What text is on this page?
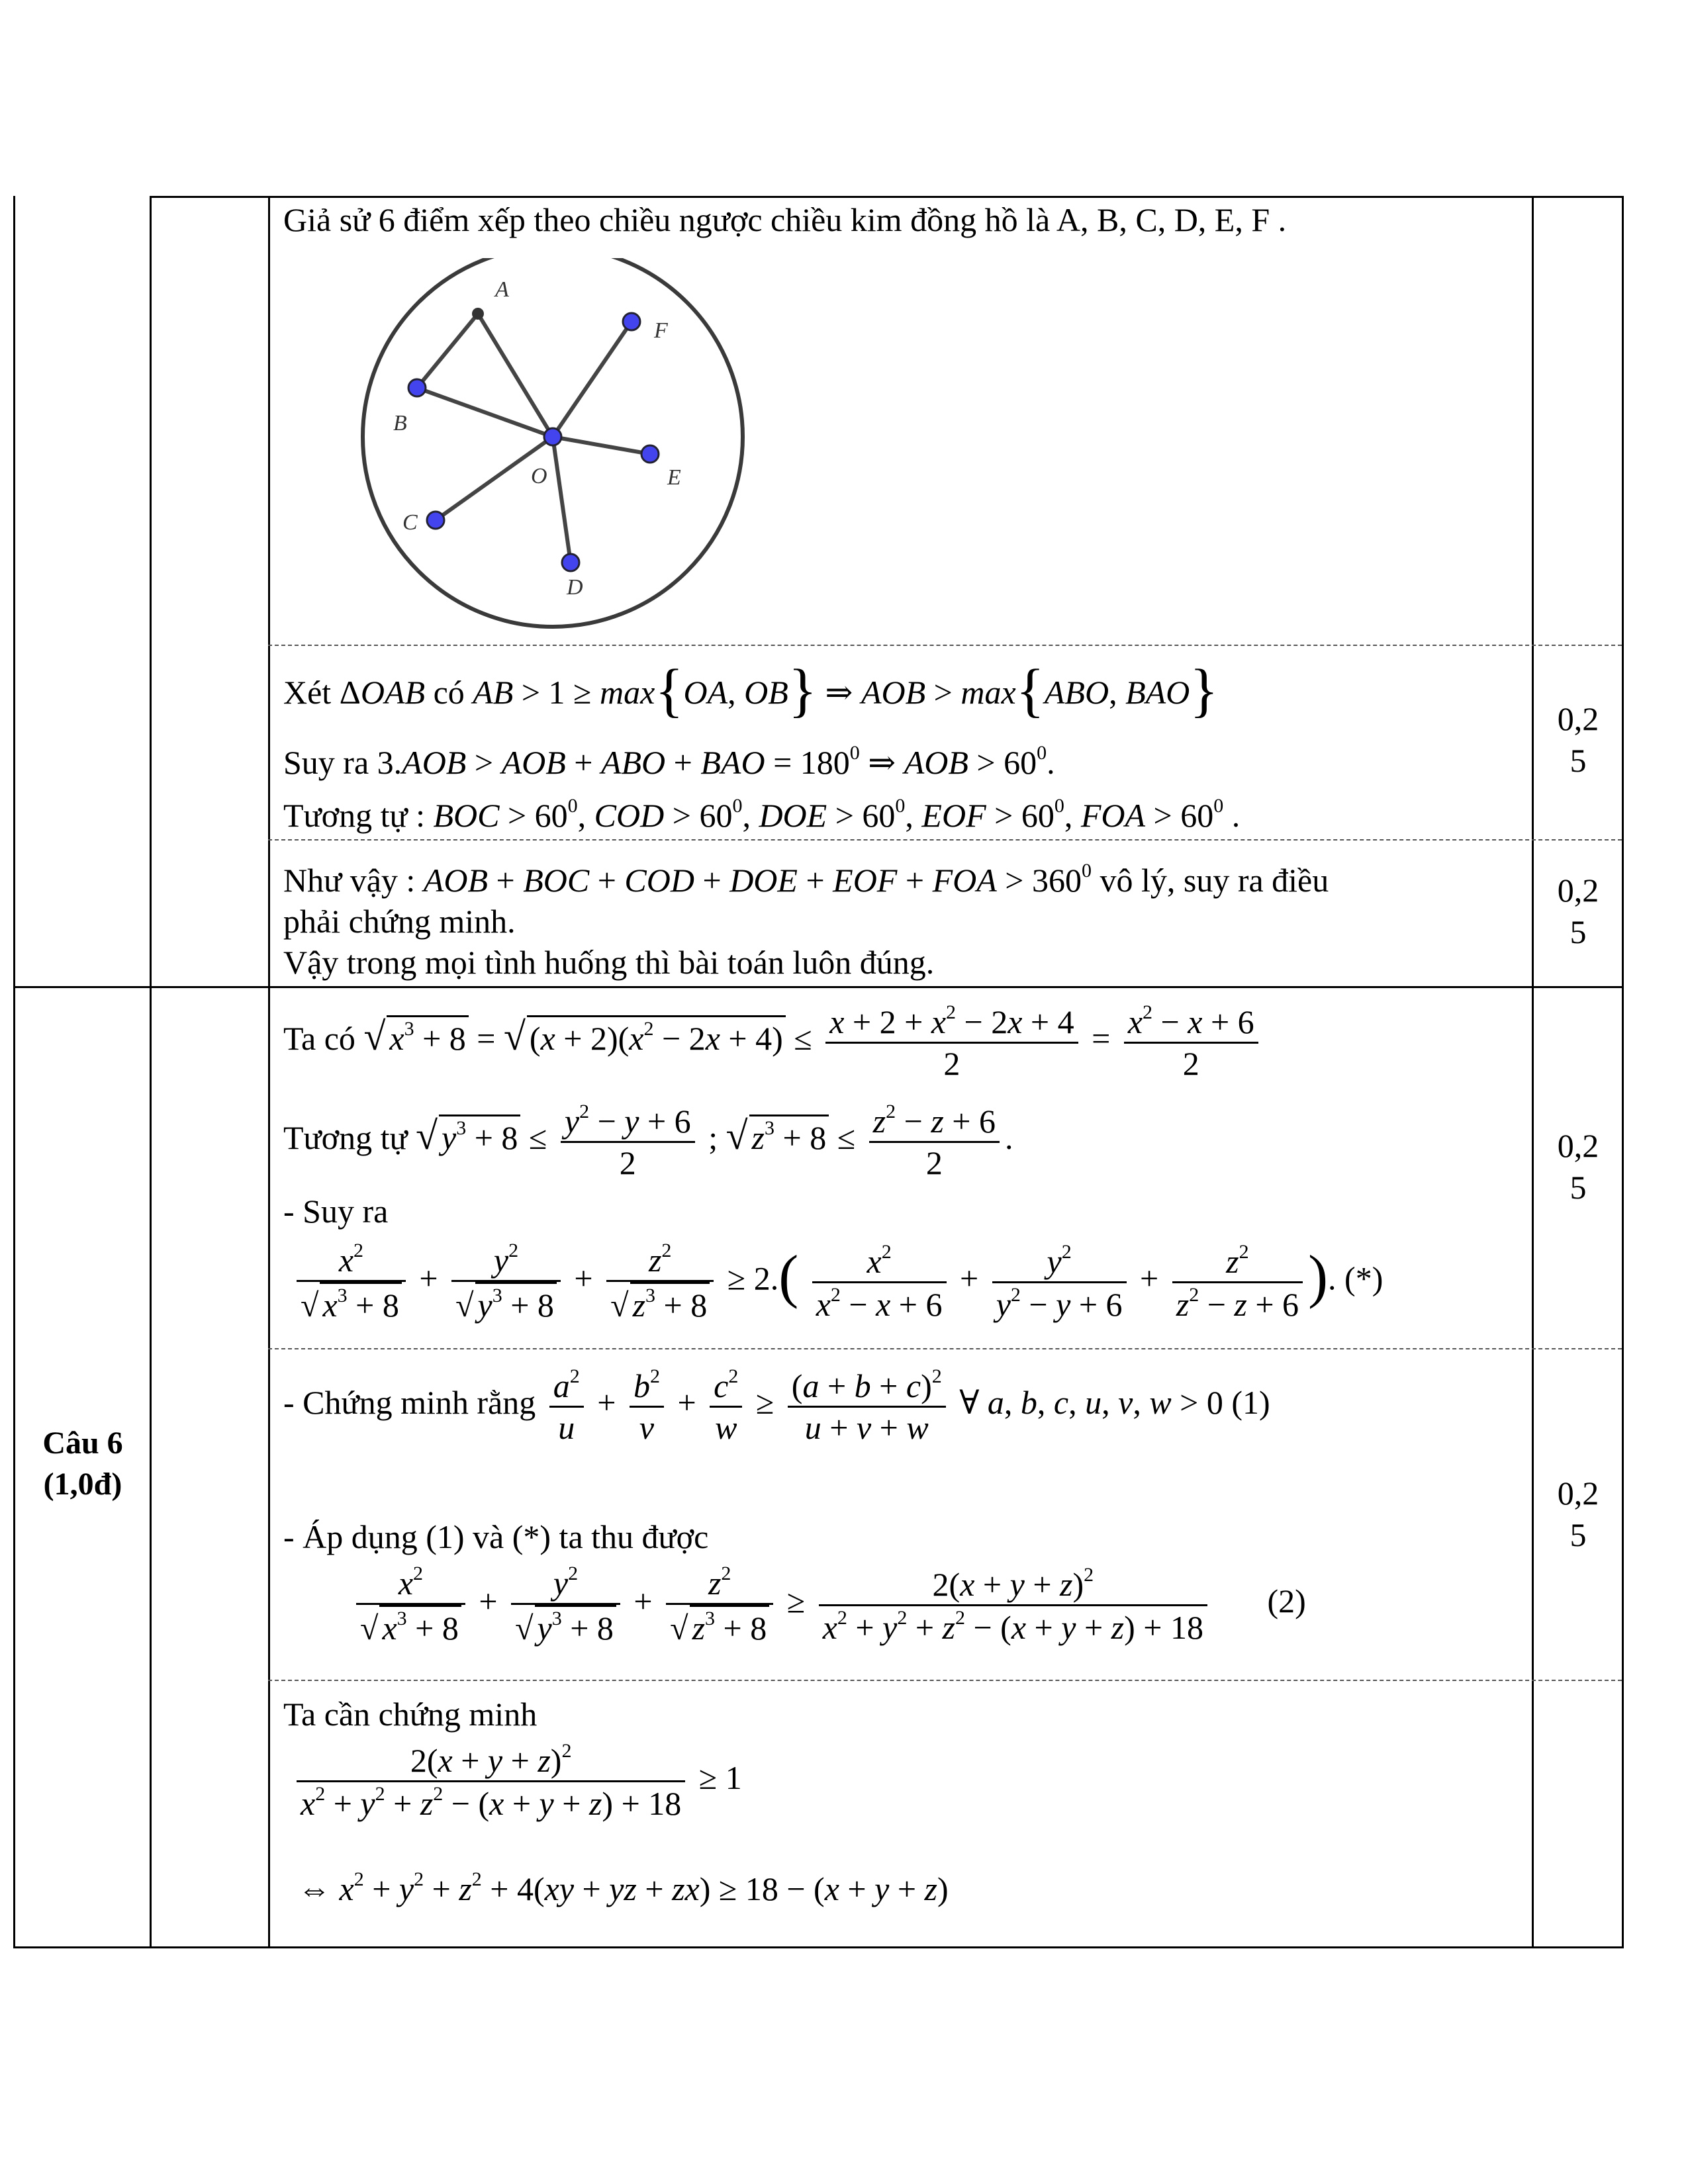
Giả sử 6 điểm xếp theo chiều ngược chiều kim đồng hồ là A, B, C, D, E, F .
A
F
B
O	E
C
D
Xét ΔOAB có AB > 1 ≥ max{OA, OB} ⇒ AOB > max{ABO, BAO}
Suy ra 3.AOB > AOB + ABO + BAO = $180^0$ ⇒ AOB > $60^0$.
Tương tự : BOC > $60^0$, COD > $60^0$, DOE > $60^0$, EOF > $60^0$, FOA > $60^0$ .
Như vậy : AOB + BOC + COD + DOE + EOF + FOA > $360^0$ vô lý, suy ra điều
phải chứng minh.
Vậy trong mọi tình huống thì bài toán luôn đúng.
Ta có √ $x^3 + 8$ = √ $(x + 2)(x^2 - 2x + 4) \le \frac{x + 2 + x^2 - 2x + 4}{2} = \frac{x^2 - x + 6}{2}$
Tương tự √ $y^3 + 8 \le \frac{y^2 - y + 6}{2}$ ; √ $z^3 + 8 \le \frac{z^2 - z + 6}{2}$ .
- Suy ra
$\frac{x^2}{√ x^3 + 8} + \frac{y^2}{√ y^3 + 8} + \frac{z^2}{√ z^3 + 8} \ge 2.( \frac{x^2}{x^2 - x + 6} + \frac{y^2}{y^2 - y + 6} + \frac{z^2}{z^2 - z + 6}$ ). (*)
- Chứng minh rằng $\frac{a^2}{u} + \frac{b^2}{v} + \frac{c^2}{w} \ge \frac{(a + b + c)^2}{u + v + w}$ ∀ a, b, c, u, v, w > 0 (1)
- Áp dụng (1) và (*) ta thu được
$\frac{x^2}{√ x^3 + 8} + \frac{y^2}{√ y^3 + 8} + \frac{z^2}{√ z^3 + 8} \ge \frac{2(x + y + z)^2}{x^2 + y^2 + z^2 - (x + y + z) + 18} (2)$
Ta cần chứng minh
$\frac{2(x + y + z)^2}{x^2 + y^2 + z^2 - (x + y + z) + 18} \ge 1$
⇔ $x^2 + y^2 + z^2 + 4(xy$ + yz + zx) ≥ 18 − (x + y + z)
Câu 6
(1,0đ)
0,2
5
0,2
5
0,2
5
0,2
5
